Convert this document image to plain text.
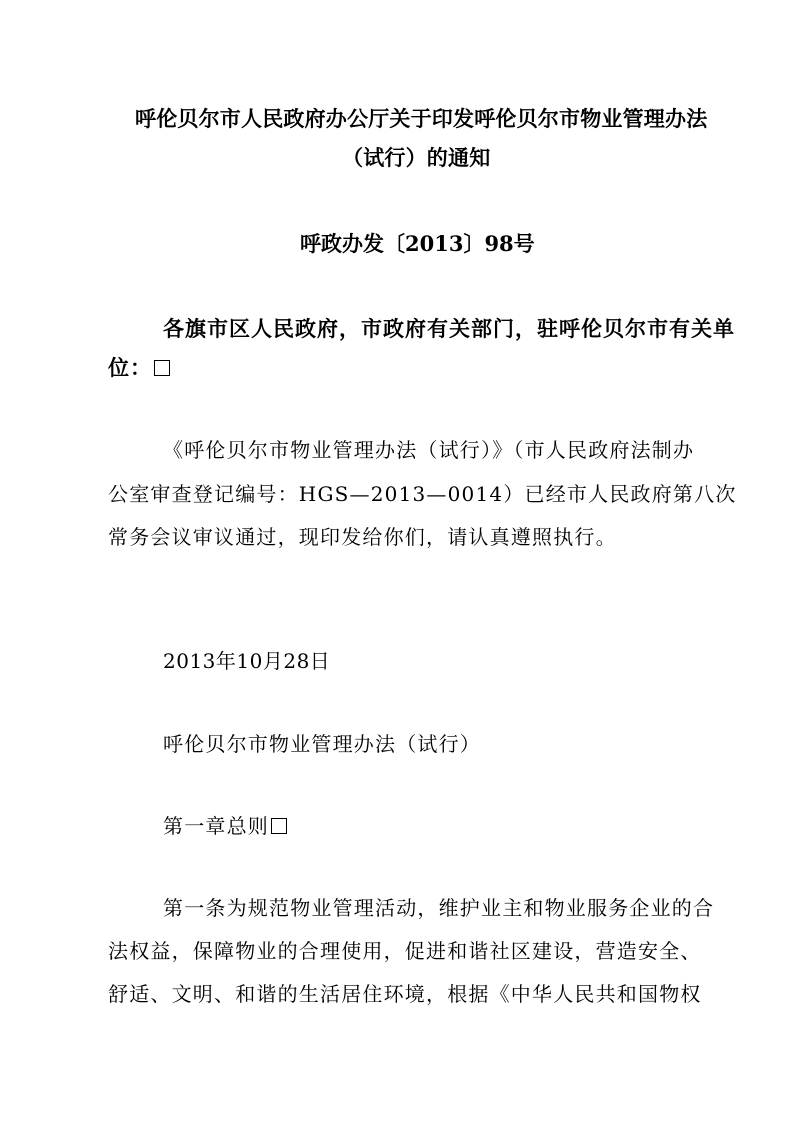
呼伦贝尔市人民政府办公厅关于印发呼伦贝尔市物业管理办法
（试行）的通知
呼政办发〔2013〕98号
各旗市区人民政府，市政府有关部门，驻呼伦贝尔市有关单
位：
《呼伦贝尔市物业管理办法（试行）》（市人民政府法制办
公室审查登记编号：HGS—2013—0014）已经市人民政府第八次
常务会议审议通过，现印发给你们，请认真遵照执行。
2013年10月28日
呼伦贝尔市物业管理办法（试行）
第一章总则
第一条为规范物业管理活动，维护业主和物业服务企业的合
法权益，保障物业的合理使用，促进和谐社区建设，营造安全、
舒适、文明、和谐的生活居住环境，根据《中华人民共和国物权
